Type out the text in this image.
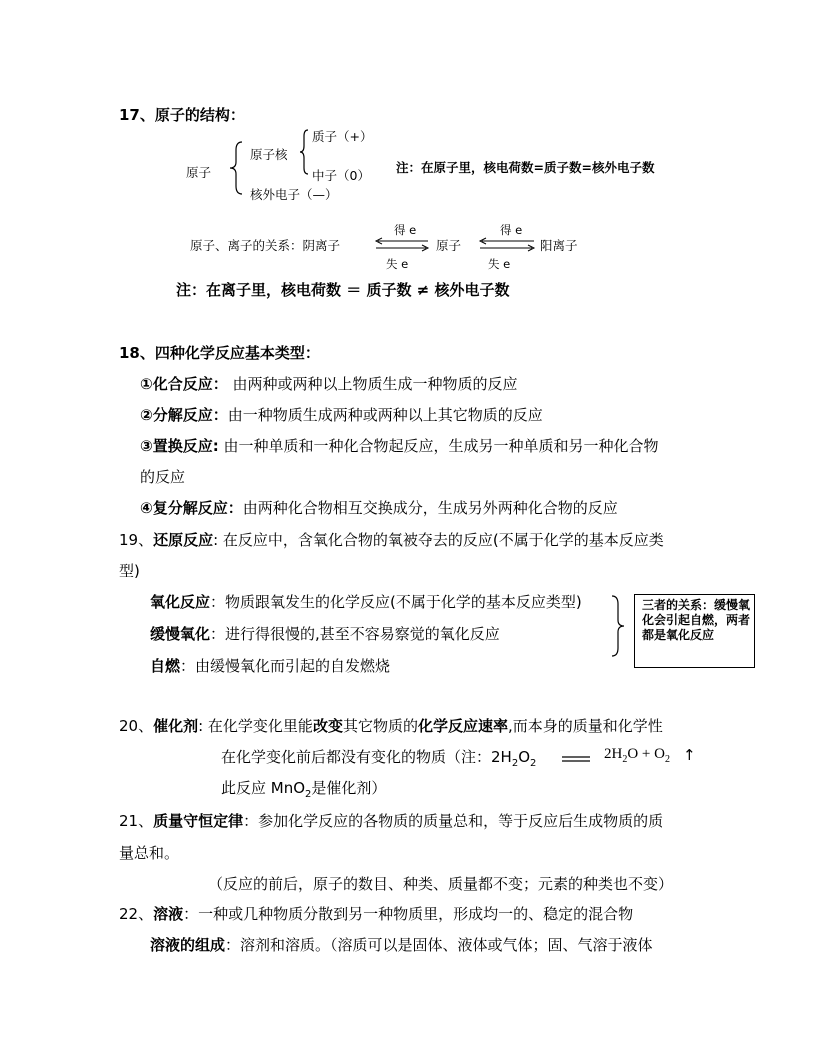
17、原子的结构：
原子
原子核
质子（+）
中子（0）
核外电子（—）
注：在原子里，核电荷数=质子数=核外电子数
原子、离子的关系：阴离子
得 e
失 e
原子
得 e
失 e
阳离子
注：在离子里，核电荷数 ＝ 质子数 ≠ 核外电子数
18、四种化学反应基本类型：
①化合反应： 由两种或两种以上物质生成一种物质的反应
②分解反应：由一种物质生成两种或两种以上其它物质的反应
③置换反应: 由一种单质和一种化合物起反应，生成另一种单质和另一种化合物
的反应
④复分解反应：由两种化合物相互交换成分，生成另外两种化合物的反应
19、还原反应: 在反应中，含氧化合物的氧被夺去的反应(不属于化学的基本反应类
型)
氧化反应：物质跟氧发生的化学反应(不属于化学的基本反应类型)
缓慢氧化：进行得很慢的,甚至不容易察觉的氧化反应
自燃：由缓慢氧化而引起的自发燃烧
三者的关系：缓慢氧化会引起自燃，两者都是氧化反应
20、催化剂: 在化学变化里能改变其它物质的化学反应速率,而本身的质量和化学性
在化学变化前后都没有变化的物质（注：$2H_2O_2$
$2H_2O + O_2$ ↑
此反应 MnO$_2$是催化剂）
21、质量守恒定律：参加化学反应的各物质的质量总和，等于反应后生成物质的质
量总和。
（反应的前后，原子的数目、种类、质量都不变；元素的种类也不变）
22、溶液：一种或几种物质分散到另一种物质里，形成均一的、稳定的混合物
溶液的组成：溶剂和溶质。（溶质可以是固体、液体或气体；固、气溶于液体
